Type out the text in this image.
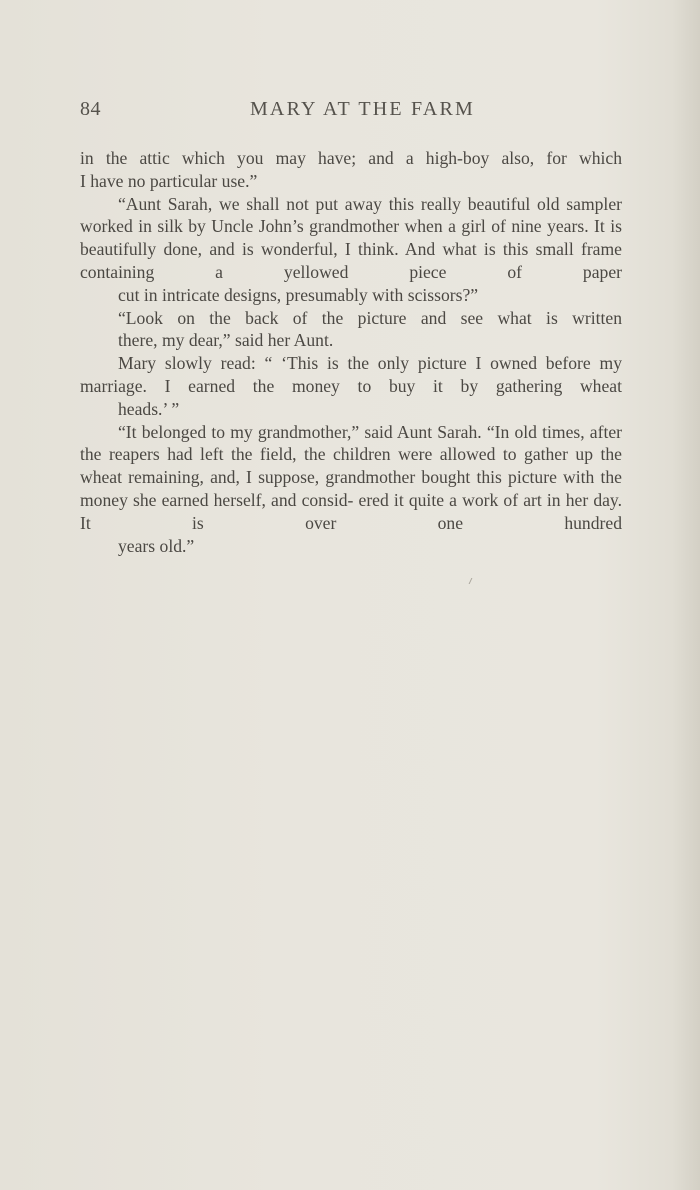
84	MARY AT THE FARM

in the attic which you may have; and a high-boy also, for which
I have no particular use.”

“Aunt Sarah, we shall not put away this really beautiful old sampler worked in silk by Uncle John’s grandmother when a girl of nine years. It is beautifully done, and is wonderful, I think. And what is this small frame containing a yellowed piece of paper
cut in intricate designs, presumably with scissors?”

“Look on the back of the picture and see what is written
there, my dear,” said her Aunt.

Mary slowly read: “ ‘This is the only picture I owned before my marriage. I earned the money to buy it by gathering wheat
heads.’ ”

“It belonged to my grandmother,” said Aunt Sarah. “In old times, after the reapers had left the field, the children were allowed to gather up the wheat remaining, and, I suppose, grandmother bought this picture with the money she earned herself, and consid- ered it quite a work of art in her day. It is over one hundred
years old.”
